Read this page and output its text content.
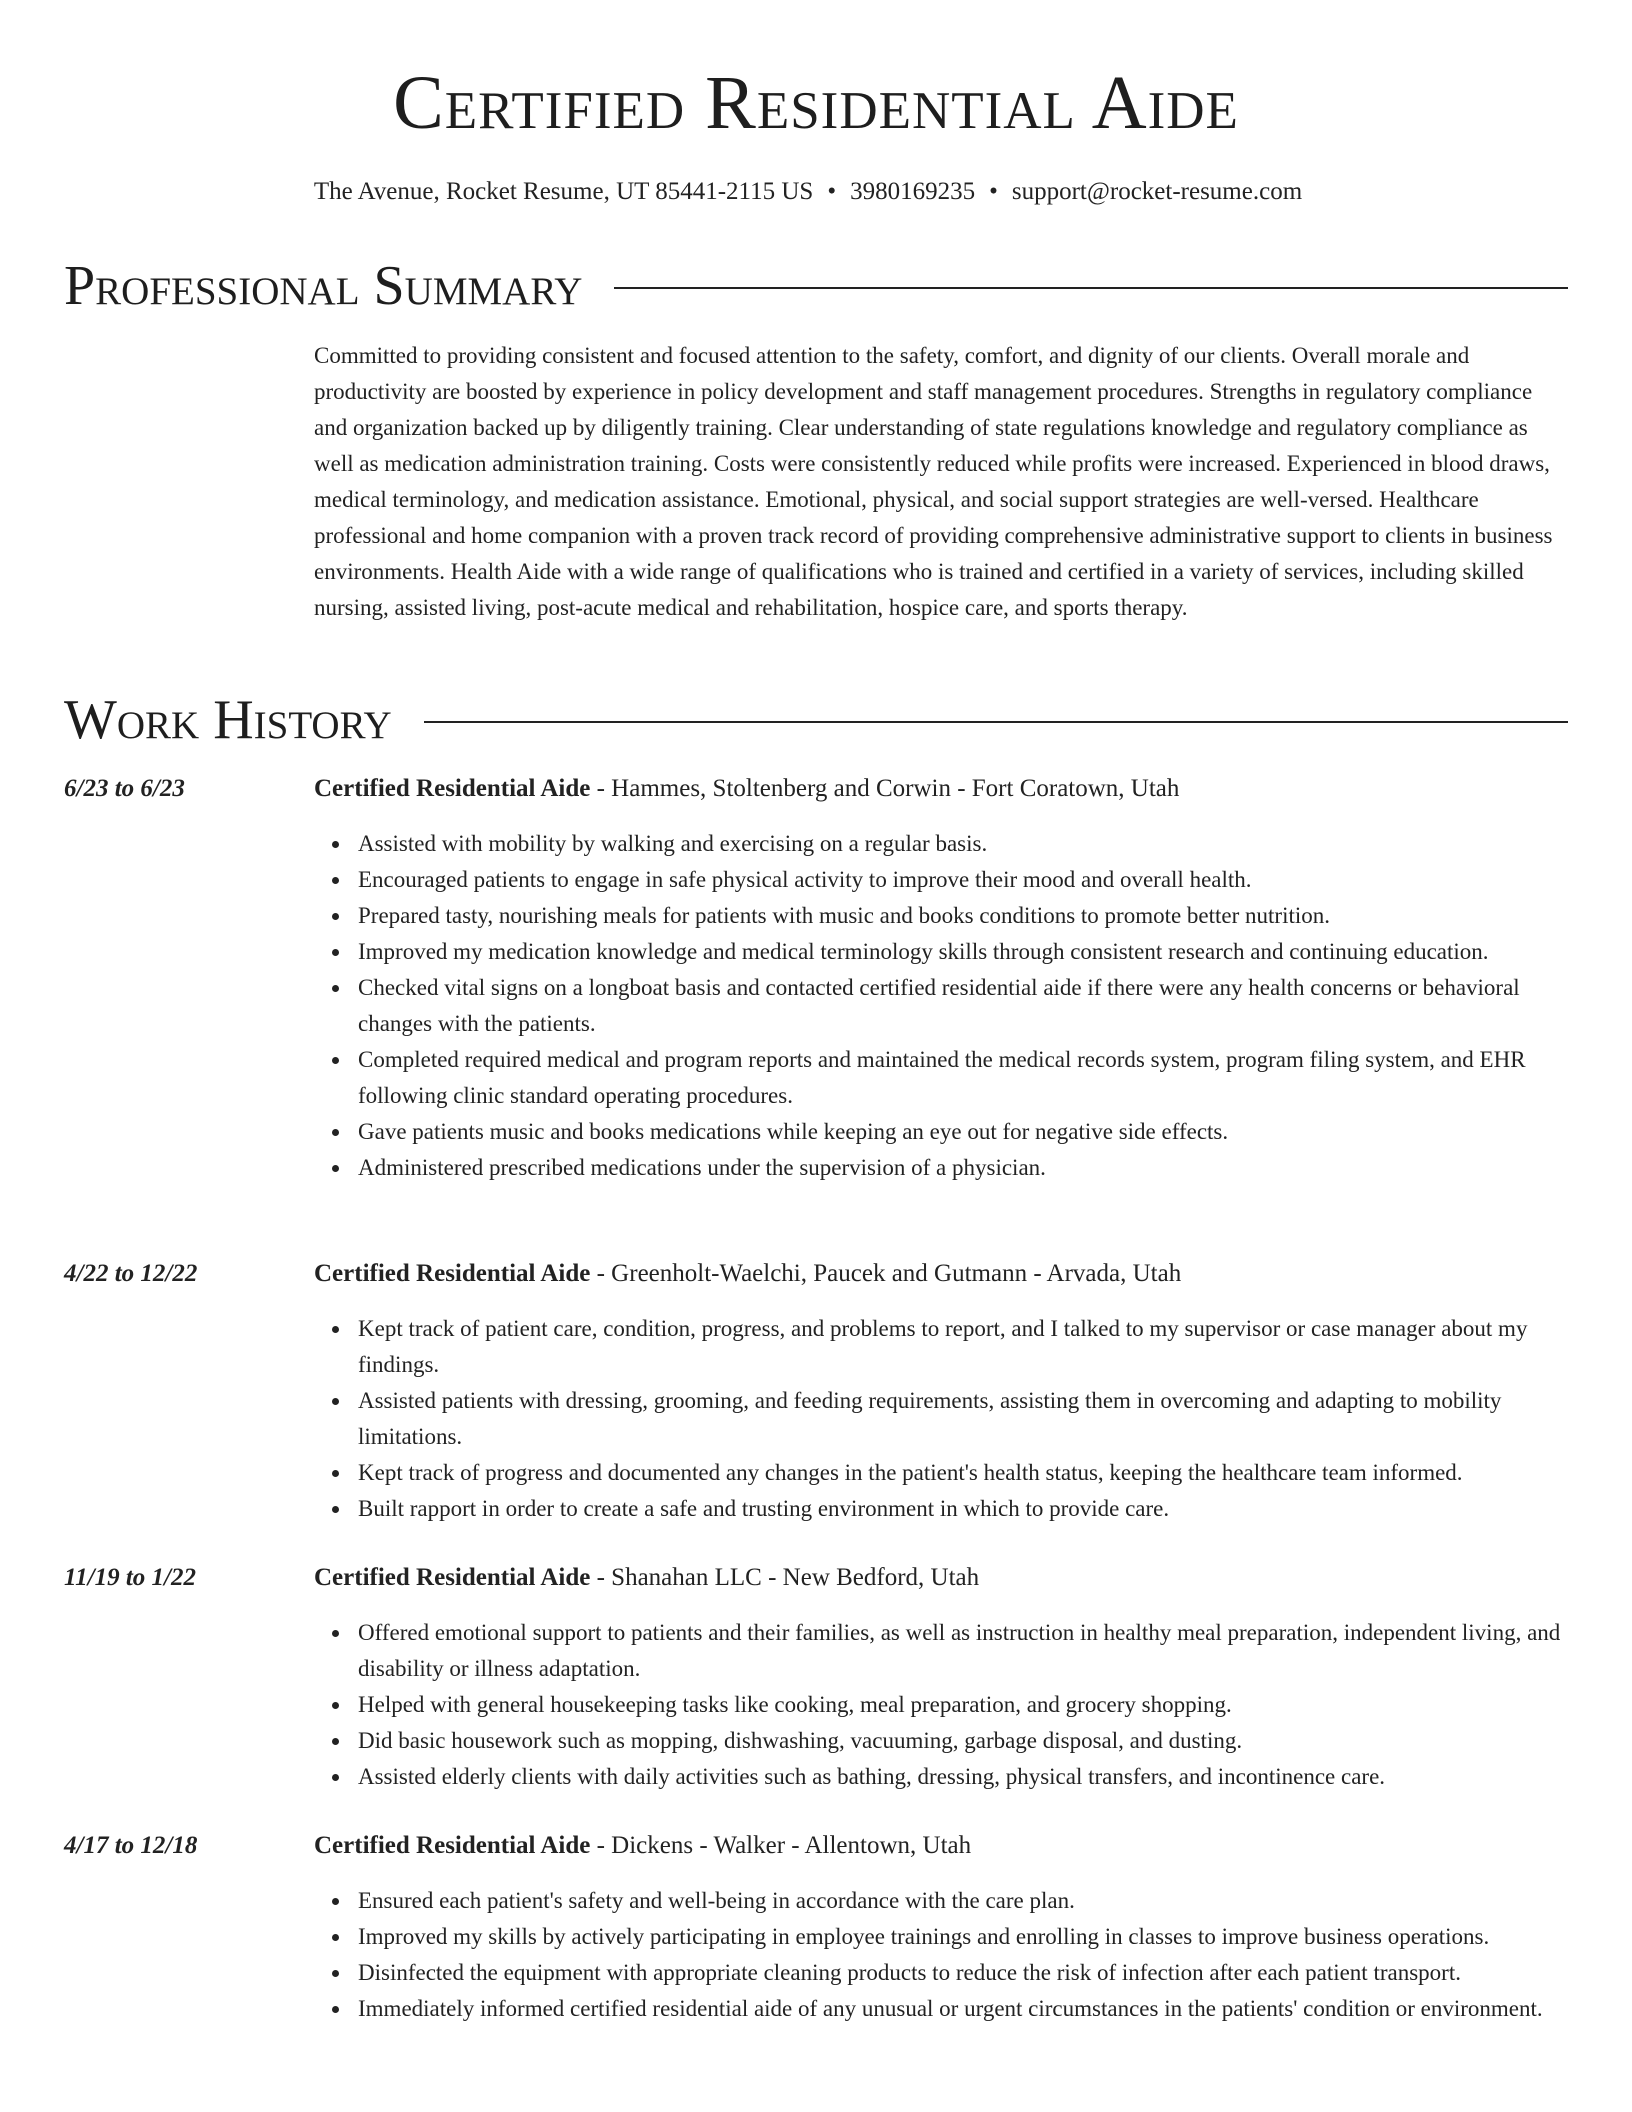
Certified Residential Aide
The Avenue, Rocket Resume, UT 85441-2115 US • 3980169235 • support@rocket-resume.com
Professional Summary

Committed to providing consistent and focused attention to the safety, comfort, and dignity of our clients. Overall morale and productivity are boosted by experience in policy development and staff management procedures. Strengths in regulatory compliance and organization backed up by diligently training. Clear understanding of state regulations knowledge and regulatory compliance as well as medication administration training. Costs were consistently reduced while profits were increased. Experienced in blood draws, medical terminology, and medication assistance. Emotional, physical, and social support strategies are well-versed. Healthcare professional and home companion with a proven track record of providing comprehensive administrative support to clients in business environments. Health Aide with a wide range of qualifications who is trained and certified in a variety of services, including skilled nursing, assisted living, post-acute medical and rehabilitation, hospice care, and sports therapy.

Work History
6/23 to 6/23	Certified Residential Aide - Hammes, Stoltenberg and Corwin - Fort Coratown, Utah
Assisted with mobility by walking and exercising on a regular basis.
Encouraged patients to engage in safe physical activity to improve their mood and overall health.
Prepared tasty, nourishing meals for patients with music and books conditions to promote better nutrition.
Improved my medication knowledge and medical terminology skills through consistent research and continuing education.
Checked vital signs on a longboat basis and contacted certified residential aide if there were any health concerns or behavioral changes with the patients.
Completed required medical and program reports and maintained the medical records system, program filing system, and EHR following clinic standard operating procedures.
Gave patients music and books medications while keeping an eye out for negative side effects.
Administered prescribed medications under the supervision of a physician.
4/22 to 12/22	Certified Residential Aide - Greenholt-Waelchi, Paucek and Gutmann - Arvada, Utah
Kept track of patient care, condition, progress, and problems to report, and I talked to my supervisor or case manager about my findings.
Assisted patients with dressing, grooming, and feeding requirements, assisting them in overcoming and adapting to mobility limitations.
Kept track of progress and documented any changes in the patient's health status, keeping the healthcare team informed.
Built rapport in order to create a safe and trusting environment in which to provide care.
11/19 to 1/22	Certified Residential Aide - Shanahan LLC - New Bedford, Utah
Offered emotional support to patients and their families, as well as instruction in healthy meal preparation, independent living, and disability or illness adaptation.
Helped with general housekeeping tasks like cooking, meal preparation, and grocery shopping.
Did basic housework such as mopping, dishwashing, vacuuming, garbage disposal, and dusting.
Assisted elderly clients with daily activities such as bathing, dressing, physical transfers, and incontinence care.
4/17 to 12/18	Certified Residential Aide - Dickens - Walker - Allentown, Utah
Ensured each patient's safety and well-being in accordance with the care plan.
Improved my skills by actively participating in employee trainings and enrolling in classes to improve business operations.
Disinfected the equipment with appropriate cleaning products to reduce the risk of infection after each patient transport.
Immediately informed certified residential aide of any unusual or urgent circumstances in the patients' condition or environment.
